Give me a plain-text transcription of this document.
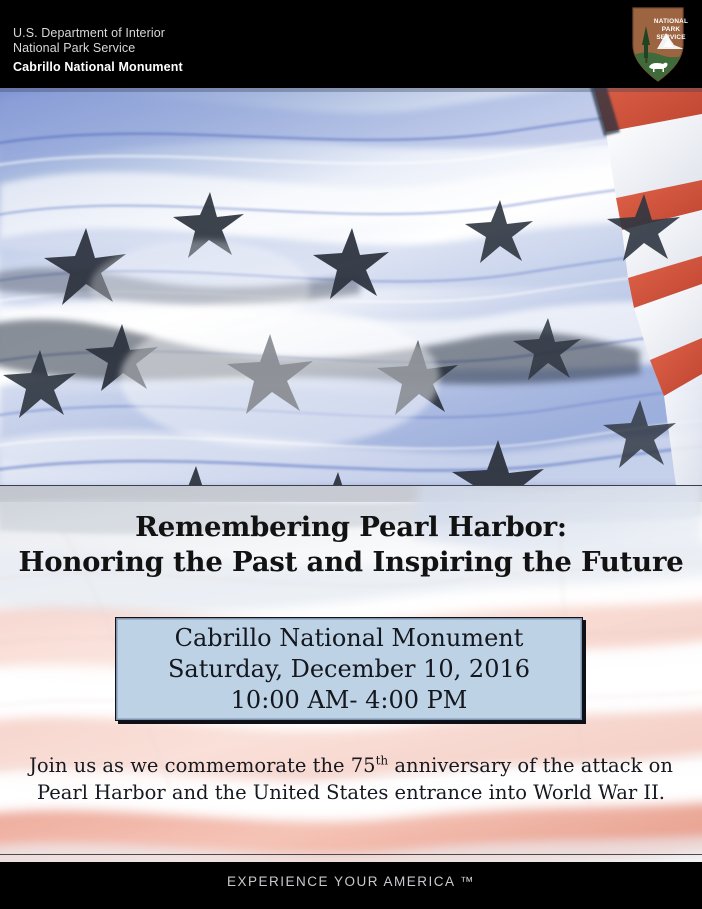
U.S. Department of Interior

National Park Service

Cabrillo National Monument
NATIONAL
PARK
SERVICE
Remembering Pearl Harbor:
Honoring the Past and Inspiring the Future
Cabrillo National Monument
Saturday, December 10, 2016
10:00 AM- 4:00 PM
Join us as we commemorate the 75th anniversary of the attack on
Pearl Harbor and the United States entrance into World War II.
EXPERIENCE YOUR AMERICA ™
